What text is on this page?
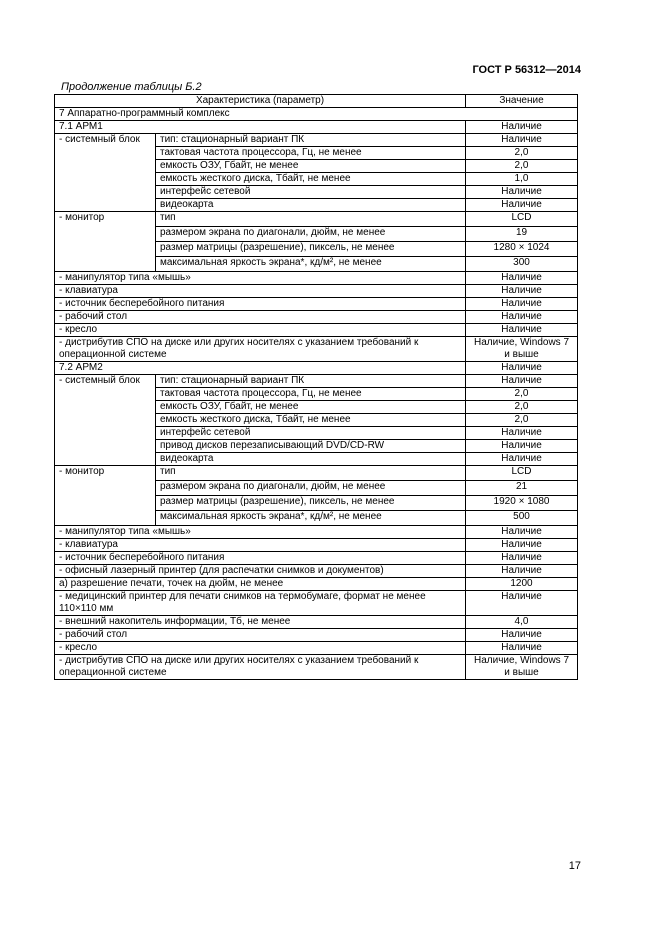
ГОСТ Р 56312—2014
Продолжение таблицы Б.2
Характеристика (параметр)		Значение
7 Аппаратно-программный комплекс		
7.1 АРМ1		Наличие
- системный блок	тип: стационарный вариант ПК	Наличие
	тактовая частота процессора, Гц, не менее	2,0
	емкость ОЗУ, Гбайт, не менее	2,0
	емкость жесткого диска, Тбайт, не менее	1,0
	интерфейс сетевой	Наличие
	видеокарта	Наличие
- монитор	тип	LCD
	размером экрана по диагонали, дюйм, не менее	19
	размер матрицы (разрешение), пиксель, не менее	1280 × 1024
	максимальная яркость экрана*, кд/м², не менее	300
- манипулятор типа «мышь»		Наличие
- клавиатура		Наличие
- источник бесперебойного питания		Наличие
- рабочий стол		Наличие
- кресло		Наличие
- дистрибутив СПО на диске или других носителях с указанием требований к операционной системе		Наличие, Windows 7 и выше
7.2 АРМ2		Наличие
- системный блок	тип: стационарный вариант ПК	Наличие
	тактовая частота процессора, Гц, не менее	2,0
	емкость ОЗУ, Гбайт, не менее	2,0
	емкость жесткого диска, Тбайт, не менее	2,0
	интерфейс сетевой	Наличие
	привод дисков перезаписывающий DVD/CD-RW	Наличие
	видеокарта	Наличие
- монитор	тип	LCD
	размером экрана по диагонали, дюйм, не менее	21
	размер матрицы (разрешение), пиксель, не менее	1920 × 1080
	максимальная яркость экрана*, кд/м², не менее	500
- манипулятор типа «мышь»		Наличие
- клавиатура		Наличие
- источник бесперебойного питания		Наличие
- офисный лазерный принтер (для распечатки снимков и документов)		Наличие
а) разрешение печати, точек на дюйм, не менее		1200
- медицинский принтер для печати снимков на термобумаге, формат не менее 110×110 мм		Наличие
- внешний накопитель информации, Тб, не менее		4,0
- рабочий стол		Наличие
- кресло		Наличие
- дистрибутив СПО на диске или других носителях с указанием требований к операционной системе		Наличие, Windows 7 и выше
17
